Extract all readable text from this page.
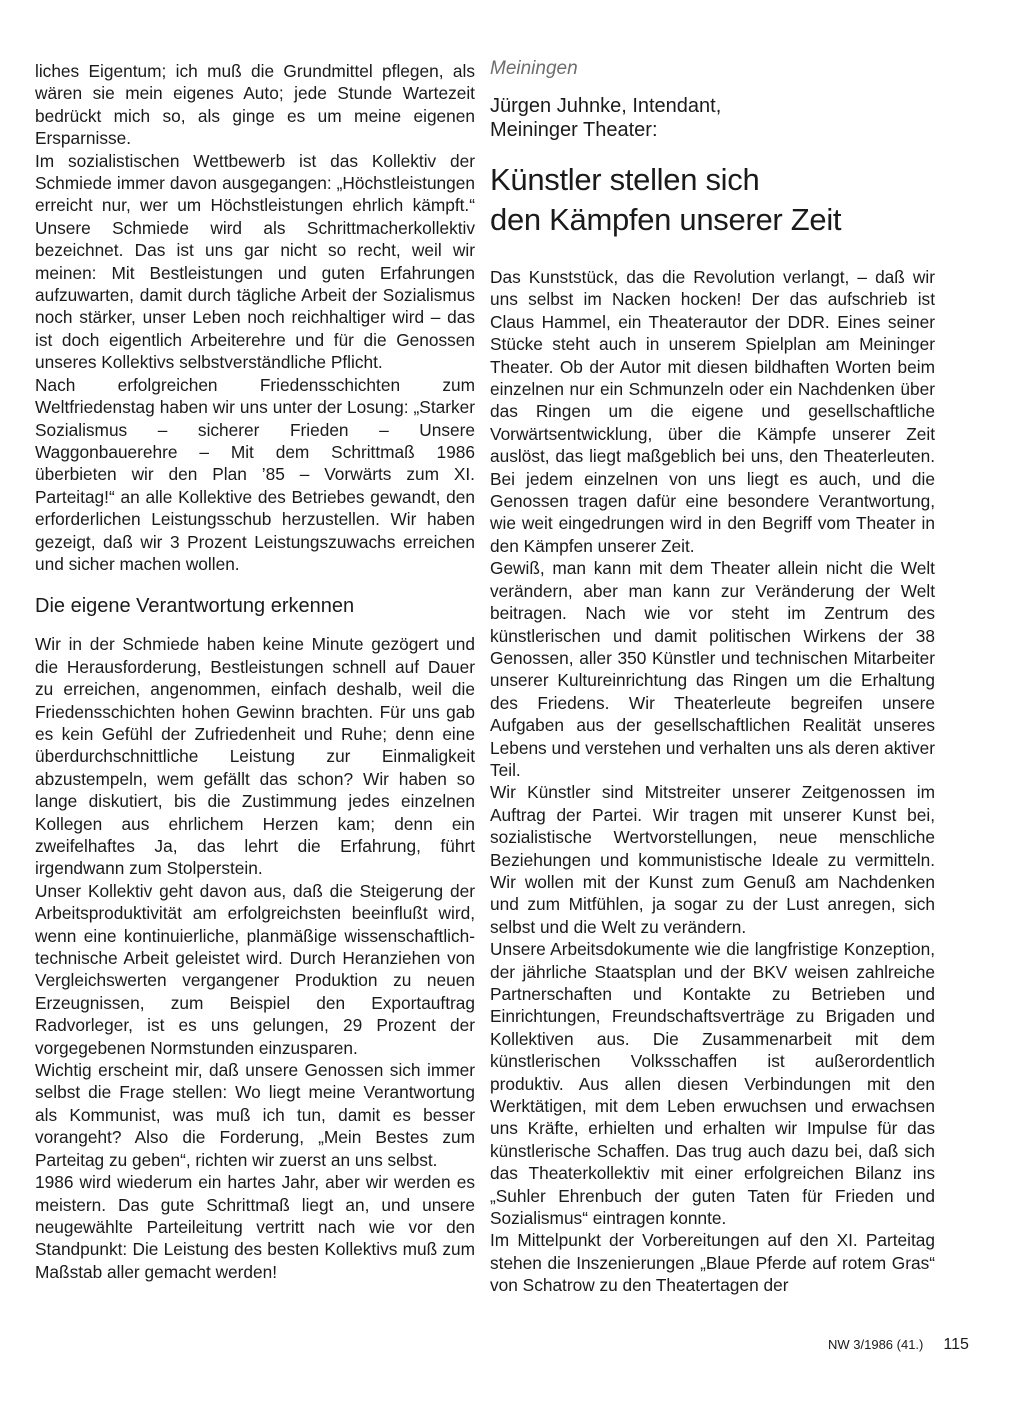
liches Eigentum; ich muß die Grundmittel pflegen, als wären sie mein eigenes Auto; jede Stunde Wartezeit bedrückt mich so, als ginge es um meine eigenen Ersparnisse.

Im sozialistischen Wettbewerb ist das Kollektiv der Schmiede immer davon ausgegangen: „Höchstleistungen erreicht nur, wer um Höchstleistungen ehrlich kämpft.“ Unsere Schmiede wird als Schrittmacherkollektiv bezeichnet. Das ist uns gar nicht so recht, weil wir meinen: Mit Bestleistungen und guten Erfahrungen aufzuwarten, damit durch tägliche Arbeit der Sozialismus noch stärker, unser Leben noch reichhaltiger wird – das ist doch eigentlich Arbeiterehre und für die Genossen unseres Kollektivs selbstverständliche Pflicht.

Nach erfolgreichen Friedensschichten zum Weltfriedenstag haben wir uns unter der Losung: „Starker Sozialismus – sicherer Frieden – Unsere Waggonbauerehre – Mit dem Schrittmaß 1986 überbieten wir den Plan ’85 – Vorwärts zum XI. Parteitag!“ an alle Kollektive des Betriebes gewandt, den erforderlichen Leistungsschub herzustellen. Wir haben gezeigt, daß wir 3 Prozent Leistungszuwachs erreichen und sicher machen wollen.

Die eigene Verantwortung erkennen

Wir in der Schmiede haben keine Minute gezögert und die Herausforderung, Bestleistungen schnell auf Dauer zu erreichen, angenommen, einfach deshalb, weil die Friedensschichten hohen Gewinn brachten. Für uns gab es kein Gefühl der Zufriedenheit und Ruhe; denn eine überdurchschnittliche Leistung zur Einmaligkeit abzustempeln, wem gefällt das schon? Wir haben so lange diskutiert, bis die Zustimmung jedes einzelnen Kollegen aus ehrlichem Herzen kam; denn ein zweifelhaftes Ja, das lehrt die Erfahrung, führt irgendwann zum Stolperstein.

Unser Kollektiv geht davon aus, daß die Steigerung der Arbeitsproduktivität am erfolgreichsten beeinflußt wird, wenn eine kontinuierliche, planmäßige wissenschaftlich-technische Arbeit geleistet wird. Durch Heranziehen von Vergleichswerten vergangener Produktion zu neuen Erzeugnissen, zum Beispiel den Exportauftrag Radvorleger, ist es uns gelungen, 29 Prozent der vorgegebenen Normstunden einzusparen.

Wichtig erscheint mir, daß unsere Genossen sich immer selbst die Frage stellen: Wo liegt meine Verantwortung als Kommunist, was muß ich tun, damit es besser vorangeht? Also die Forderung, „Mein Bestes zum Parteitag zu geben“, richten wir zuerst an uns selbst.

1986 wird wiederum ein hartes Jahr, aber wir werden es meistern. Das gute Schrittmaß liegt an, und unsere neugewählte Parteileitung vertritt nach wie vor den Standpunkt: Die Leistung des besten Kollektivs muß zum Maßstab aller gemacht werden!

Meiningen
Jürgen Juhnke, Intendant,
Meininger Theater:
Künstler stellen sich
den Kämpfen unserer Zeit

Das Kunststück, das die Revolution verlangt, – daß wir uns selbst im Nacken hocken! Der das aufschrieb ist Claus Hammel, ein Theaterautor der DDR. Eines seiner Stücke steht auch in unserem Spielplan am Meininger Theater. Ob der Autor mit diesen bildhaften Worten beim einzelnen nur ein Schmunzeln oder ein Nachdenken über das Ringen um die eigene und gesellschaftliche Vorwärtsentwicklung, über die Kämpfe unserer Zeit auslöst, das liegt maßgeblich bei uns, den Theaterleuten. Bei jedem einzelnen von uns liegt es auch, und die Genossen tragen dafür eine besondere Verantwortung, wie weit eingedrungen wird in den Begriff vom Theater in den Kämpfen unserer Zeit.

Gewiß, man kann mit dem Theater allein nicht die Welt verändern, aber man kann zur Veränderung der Welt beitragen. Nach wie vor steht im Zentrum des künstlerischen und damit politischen Wirkens der 38 Genossen, aller 350 Künstler und technischen Mitarbeiter unserer Kultureinrichtung das Ringen um die Erhaltung des Friedens. Wir Theaterleute begreifen unsere Aufgaben aus der gesellschaftlichen Realität unseres Lebens und verstehen und verhalten uns als deren aktiver Teil.

Wir Künstler sind Mitstreiter unserer Zeitgenossen im Auftrag der Partei. Wir tragen mit unserer Kunst bei, sozialistische Wertvorstellungen, neue menschliche Beziehungen und kommunistische Ideale zu vermitteln. Wir wollen mit der Kunst zum Genuß am Nachdenken und zum Mitfühlen, ja sogar zu der Lust anregen, sich selbst und die Welt zu verändern.

Unsere Arbeitsdokumente wie die langfristige Konzeption, der jährliche Staatsplan und der BKV weisen zahlreiche Partnerschaften und Kontakte zu Betrieben und Einrichtungen, Freundschaftsverträge zu Brigaden und Kollektiven aus. Die Zusammenarbeit mit dem künstlerischen Volksschaffen ist außerordentlich produktiv. Aus allen diesen Verbindungen mit den Werktätigen, mit dem Leben erwuchsen und erwachsen uns Kräfte, erhielten und erhalten wir Impulse für das künstlerische Schaffen. Das trug auch dazu bei, daß sich das Theaterkollektiv mit einer erfolgreichen Bilanz ins „Suhler Ehrenbuch der guten Taten für Frieden und Sozialismus“ eintragen konnte.

Im Mittelpunkt der Vorbereitungen auf den XI. Parteitag stehen die Inszenierungen „Blaue Pferde auf rotem Gras“ von Schatrow zu den Theatertagen der

NW 3/1986 (41.) 115
